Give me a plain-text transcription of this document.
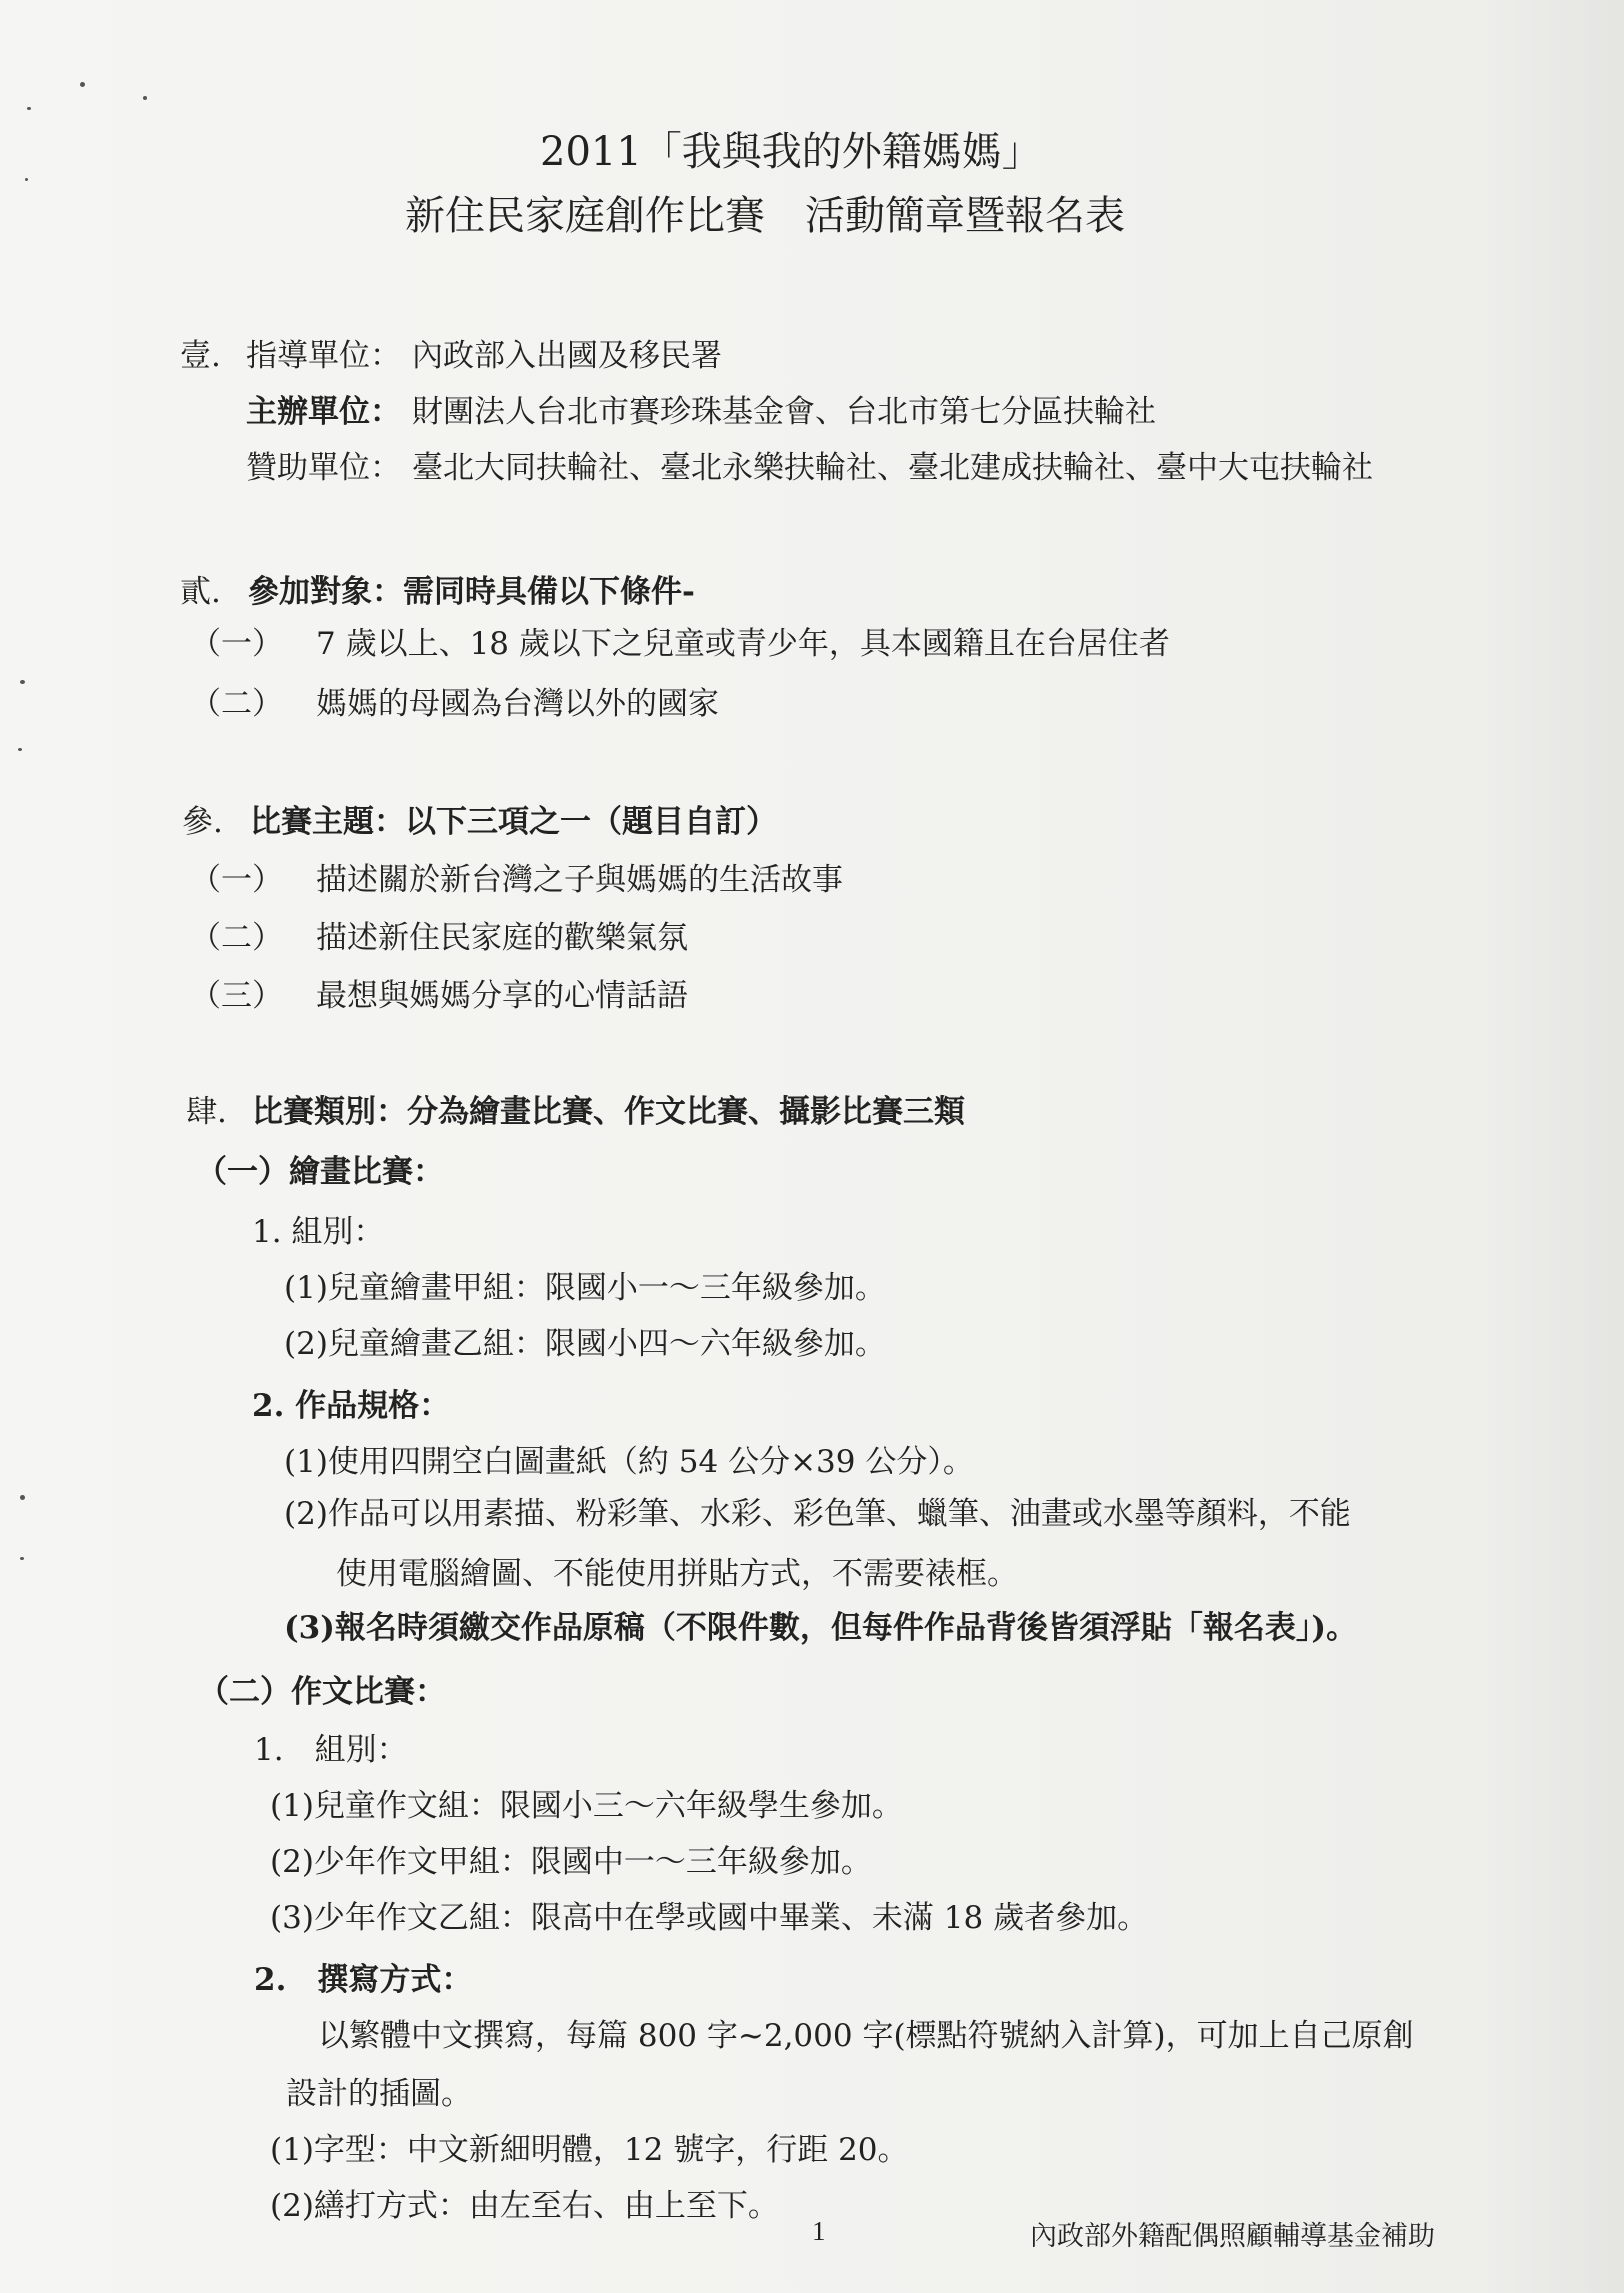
2011「我與我的外籍媽媽」
新住民家庭創作比賽　活動簡章暨報名表
壹. 指導單位： 內政部入出國及移民署
主辦單位： 財團法人台北市賽珍珠基金會、台北市第七分區扶輪社
贊助單位： 臺北大同扶輪社、臺北永樂扶輪社、臺北建成扶輪社、臺中大屯扶輪社
貳. 參加對象：需同時具備以下條件-
（一） 7 歲以上、18 歲以下之兒童或青少年，具本國籍且在台居住者
（二） 媽媽的母國為台灣以外的國家
參. 比賽主題：以下三項之一（題目自訂）
（一） 描述關於新台灣之子與媽媽的生活故事
（二） 描述新住民家庭的歡樂氣氛
（三） 最想與媽媽分享的心情話語
肆. 比賽類別：分為繪畫比賽、作文比賽、攝影比賽三類
（一）繪畫比賽：
1. 組別：
(1)兒童繪畫甲組：限國小一～三年級參加。
(2)兒童繪畫乙組：限國小四～六年級參加。
2. 作品規格：
(1)使用四開空白圖畫紙（約 54 公分×39 公分）。
(2)作品可以用素描、粉彩筆、水彩、彩色筆、蠟筆、油畫或水墨等顏料，不能
使用電腦繪圖、不能使用拼貼方式，不需要裱框。
(3)報名時須繳交作品原稿（不限件數，但每件作品背後皆須浮貼「報名表」)。
（二）作文比賽：
1.　組別：
(1)兒童作文組：限國小三～六年級學生參加。
(2)少年作文甲組：限國中一～三年級參加。
(3)少年作文乙組：限高中在學或國中畢業、未滿 18 歲者參加。
2.　撰寫方式：
以繁體中文撰寫，每篇 800 字~2,000 字(標點符號納入計算)，可加上自己原創
設計的插圖。
(1)字型：中文新細明體，12 號字，行距 20。
(2)繕打方式：由左至右、由上至下。
1	內政部外籍配偶照顧輔導基金補助
